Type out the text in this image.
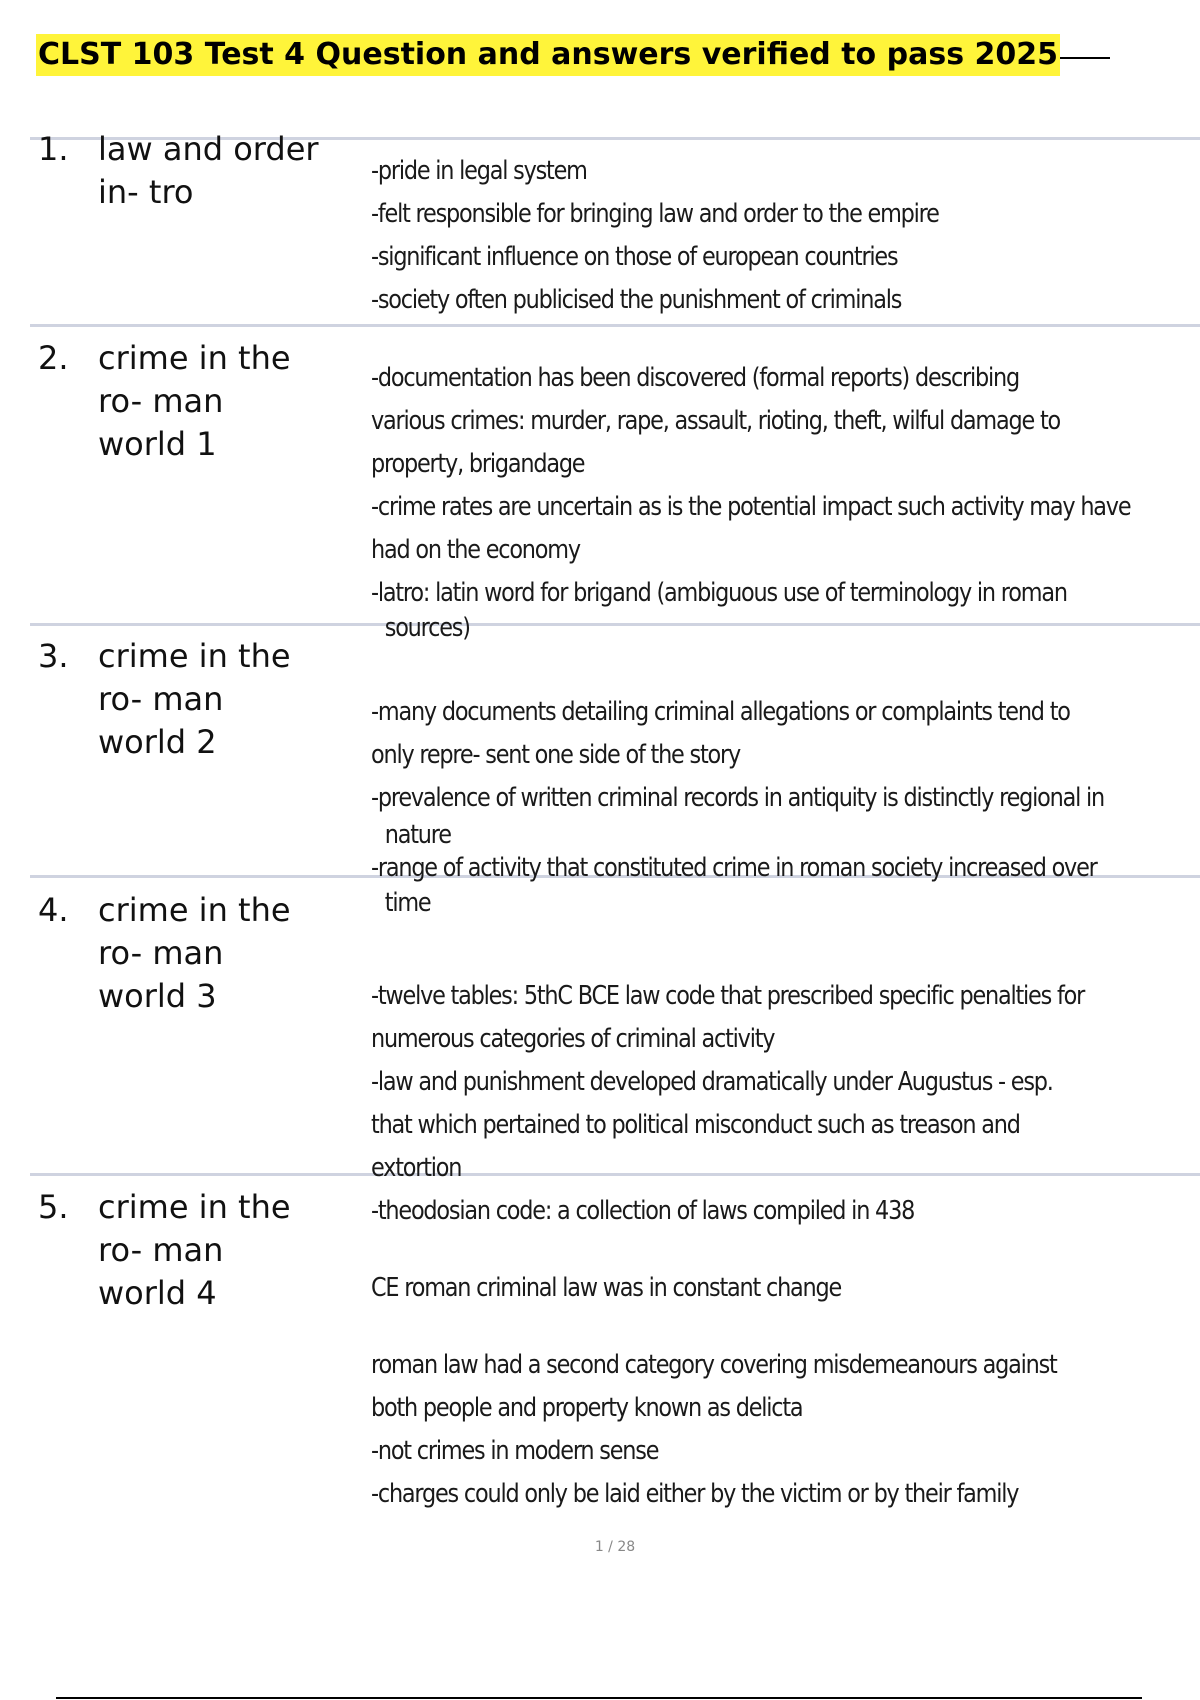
CLST 103 Test 4 Question and answers verified to pass 2025
1. law and order
in- tro
-pride in legal system
-felt responsible for bringing law and order to the empire
-significant influence on those of european countries
-society often publicised the punishment of criminals
2. crime in the
ro- man
world 1
-documentation has been discovered (formal reports) describing
various crimes: murder, rape, assault, rioting, theft, wilful damage to
property, brigandage
-crime rates are uncertain as is the potential impact such activity may have
had on the economy
-latro: latin word for brigand (ambiguous use of terminology in roman
sources)
3. crime in the
ro- man
world 2
-many documents detailing criminal allegations or complaints tend to
only repre- sent one side of the story
-prevalence of written criminal records in antiquity is distinctly regional in
nature
-range of activity that constituted crime in roman society increased over
time
4. crime in the
ro- man
world 3	-twelve tables: 5thC BCE law code that prescribed specific penalties for
numerous categories of criminal activity
-law and punishment developed dramatically under Augustus - esp.
that which pertained to political misconduct such as treason and
extortion
5. crime in the
ro- man
world 4
-theodosian code: a collection of laws compiled in 438
CE roman criminal law was in constant change
roman law had a second category covering misdemeanours against
both people and property known as delicta
-not crimes in modern sense
-charges could only be laid either by the victim or by their family
1 / 28
